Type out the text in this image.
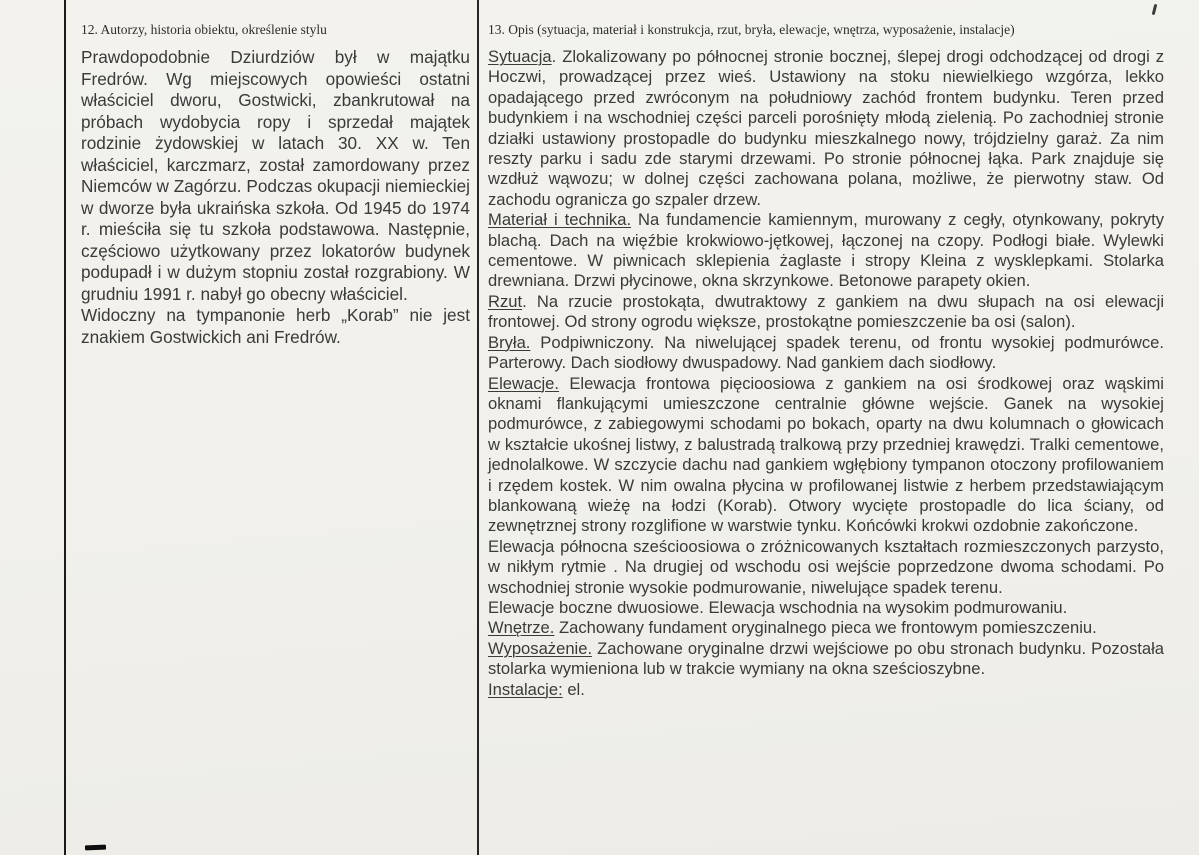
12. Autorzy, historia obiektu, określenie stylu

Prawdopodobnie Dziurdziów był w majątku Fredrów. Wg miejscowych opowieści ostatni właściciel dworu, Gostwicki, zbankrutował na próbach wydobycia ropy i sprzedał majątek rodzinie żydowskiej w latach 30. XX w. Ten właściciel, karczmarz, został zamordowany przez Niemców w Zagórzu. Podczas okupacji niemieckiej w dworze była ukraińska szkoła. Od 1945 do 1974 r. mieściła się tu szkoła podstawowa. Następnie, częściowo użytkowany przez lokatorów budynek podupadł i w dużym stopniu został rozgrabiony. W grudniu 1991 r. nabył go obecny właściciel.

Widoczny na tympanonie herb „Korab” nie jest znakiem Gostwickich ani Fredrów.

13. Opis (sytuacja, materiał i konstrukcja, rzut, bryła, elewacje, wnętrza, wyposażenie, instalacje)

Sytuacja. Zlokalizowany po północnej stronie bocznej, ślepej drogi odchodzącej od drogi z Hoczwi, prowadzącej przez wieś. Ustawiony na stoku niewielkiego wzgórza, lekko opadającego przed zwróconym na południowy zachód frontem budynku. Teren przed budynkiem i na wschodniej części parceli porośnięty młodą zielenią. Po zachodniej stronie działki ustawiony prostopadle do budynku mieszkalnego nowy, trójdzielny garaż. Za nim reszty parku i sadu zde starymi drzewami. Po stronie północnej łąka. Park znajduje się wzdłuż wąwozu; w dolnej części zachowana polana, możliwe, że pierwotny staw. Od zachodu ogranicza go szpaler drzew.

Materiał i technika. Na fundamencie kamiennym, murowany z cegły, otynkowany, pokryty blachą. Dach na więźbie krokwiowo-jętkowej, łączonej na czopy. Podłogi białe. Wylewki cementowe. W piwnicach sklepienia żaglaste i stropy Kleina z wysklepkami. Stolarka drewniana. Drzwi płycinowe, okna skrzynkowe. Betonowe parapety okien.

Rzut. Na rzucie prostokąta, dwutraktowy z gankiem na dwu słupach na osi elewacji frontowej. Od strony ogrodu większe, prostokątne pomieszczenie ba osi (salon).

Bryła. Podpiwniczony. Na niwelującej spadek terenu, od frontu wysokiej podmurówce. Parterowy. Dach siodłowy dwuspadowy. Nad gankiem dach siodłowy.

Elewacje. Elewacja frontowa pięcioosiowa z gankiem na osi środkowej oraz wąskimi oknami flankującymi umieszczone centralnie główne wejście. Ganek na wysokiej podmurówce, z zabiegowymi schodami po bokach, oparty na dwu kolumnach o głowicach w kształcie ukośnej listwy, z balustradą tralkową przy przedniej krawędzi. Tralki cementowe, jednolalkowe. W szczycie dachu nad gankiem wgłębiony tympanon otoczony profilowaniem i rzędem kostek. W nim owalna płycina w profilowanej listwie z herbem przedstawiającym blankowaną wieżę na łodzi (Korab). Otwory wycięte prostopadle do lica ściany, od zewnętrznej strony rozglifione w warstwie tynku. Końcówki krokwi ozdobnie zakończone.

Elewacja północna sześcioosiowa o zróżnicowanych kształtach rozmieszczonych parzysto, w nikłym rytmie . Na drugiej od wschodu osi wejście poprzedzone dwoma schodami. Po wschodniej stronie wysokie podmurowanie, niwelujące spadek terenu.

Elewacje boczne dwuosiowe. Elewacja wschodnia na wysokim podmurowaniu.

Wnętrze. Zachowany fundament oryginalnego pieca we frontowym pomieszczeniu.

Wyposażenie. Zachowane oryginalne drzwi wejściowe po obu stronach budynku. Pozostała stolarka wymieniona lub w trakcie wymiany na okna sześcioszybne.

Instalacje: el.
